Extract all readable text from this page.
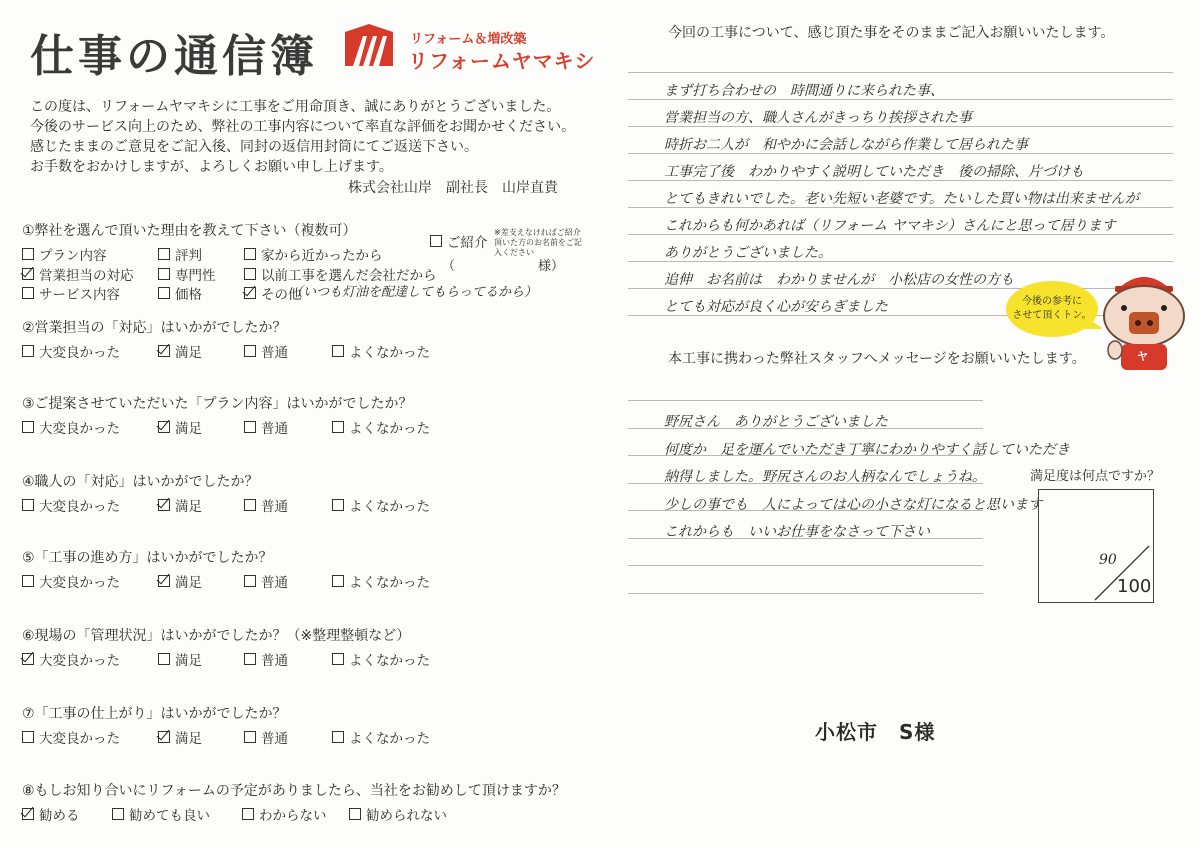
仕事の通信簿	リフォーム＆増改築
リフォームヤマキシ
この度は、リフォームヤマキシに工事をご用命頂き、誠にありがとうございました。
今後のサービス向上のため、弊社の工事内容について率直な評価をお聞かせください。
感じたままのご意見をご記入後、同封の返信用封筒にてご返送下さい。
お手数をおかけしますが、よろしくお願い申し上げます。
株式会社山岸　副社長　山岸直貴
①弊社を選んで頂いた理由を教えて下さい（複数可）
プラン内容	評判	家から近かったから
ご紹介
※差支えなければご紹介頂いた方のお名前をご記入ください
（	様）
営業担当の対応	専門性	以前工事を選んだ会社だから
サービス内容	価格	その他
（いつも灯油を配達してもらってるから）
②営業担当の「対応」はいかがでしたか？
大変良かった	満足	普通	よくなかった
③ご提案させていただいた「プラン内容」はいかがでしたか？
大変良かった	満足	普通	よくなかった
④職人の「対応」はいかがでしたか？
大変良かった	満足	普通	よくなかった
⑤「工事の進め方」はいかがでしたか？
大変良かった	満足	普通	よくなかった
⑥現場の「管理状況」はいかがでしたか？（※整理整頓など）
大変良かった	満足	普通	よくなかった
⑦「工事の仕上がり」はいかがでしたか？
大変良かった	満足	普通	よくなかった
⑧もしお知り合いにリフォームの予定がありましたら、当社をお勧めして頂けますか？
勧める	勧めても良い	わからない	勧められない
今回の工事について、感じ頂た事をそのままご記入お願いいたします。
まず打ち合わせの　時間通りに来られた事、
営業担当の方、職人さんがきっちり挨拶された事
時折お二人が　和やかに会話しながら作業して居られた事
工事完了後　わかりやすく説明していただき　後の掃除、片づけも
とてもきれいでした。老い先短い老婆です。たいした買い物は出来ませんが
これからも何かあれば（リフォーム ヤマキシ）さんにと思って居ります
ありがとうございました。
追伸　お名前は　わかりませんが　小松店の女性の方も
とても対応が良く心が安らぎました	今後の参考に
させて頂くトン。
ヤ
本工事に携わった弊社スタッフへメッセージをお願いいたします。
野尻さん　ありがとうございました
何度か　足を運んでいただき丁寧にわかりやすく話していただき
納得しました。野尻さんのお人柄なんでしょうね。
少しの事でも　人によっては心の小さな灯になると思います
これからも　いいお仕事をなさって下さい
満足度は何点ですか？
90
100
小松市　S様
